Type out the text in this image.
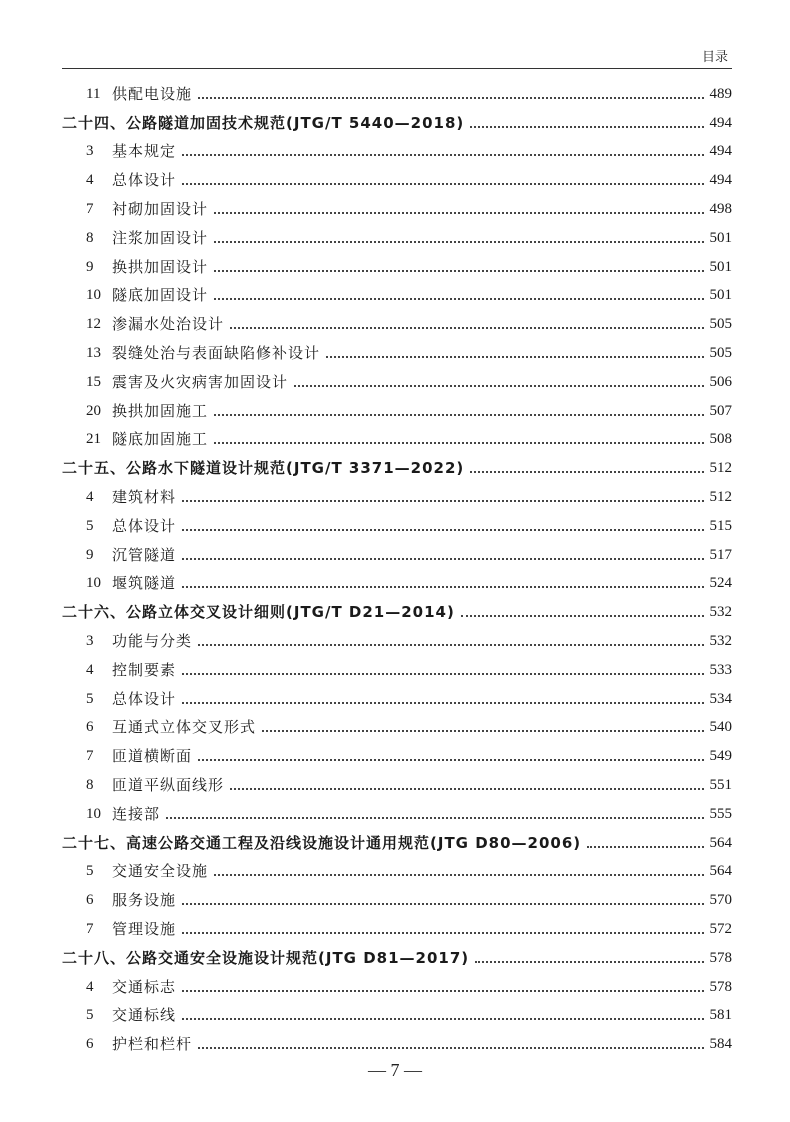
目录
11 供配电设施	489
二十四、公路隧道加固技术规范(JTG/T 5440—2018)	494
3	基本规定	494
4	总体设计	494
7	衬砌加固设计	498
8	注浆加固设计	501
9	换拱加固设计	501
10 隧底加固设计	501
12 渗漏水处治设计	505
13 裂缝处治与表面缺陷修补设计	505
15 震害及火灾病害加固设计	506
20 换拱加固施工	507
21 隧底加固施工	508
二十五、公路水下隧道设计规范(JTG/T 3371—2022)	512
4	建筑材料	512
5	总体设计	515
9	沉管隧道	517
10 堰筑隧道	524
二十六、公路立体交叉设计细则(JTG/T D21—2014)	532
3	功能与分类	532
4	控制要素	533
5	总体设计	534
6	互通式立体交叉形式	540
7	匝道横断面	549
8	匝道平纵面线形	551
10 连接部	555
二十七、高速公路交通工程及沿线设施设计通用规范(JTG D80—2006)	564
5	交通安全设施	564
6	服务设施	570
7	管理设施	572
二十八、公路交通安全设施设计规范(JTG D81—2017)	578
4	交通标志	578
5	交通标线	581
6	护栏和栏杆	584
— 7 —
